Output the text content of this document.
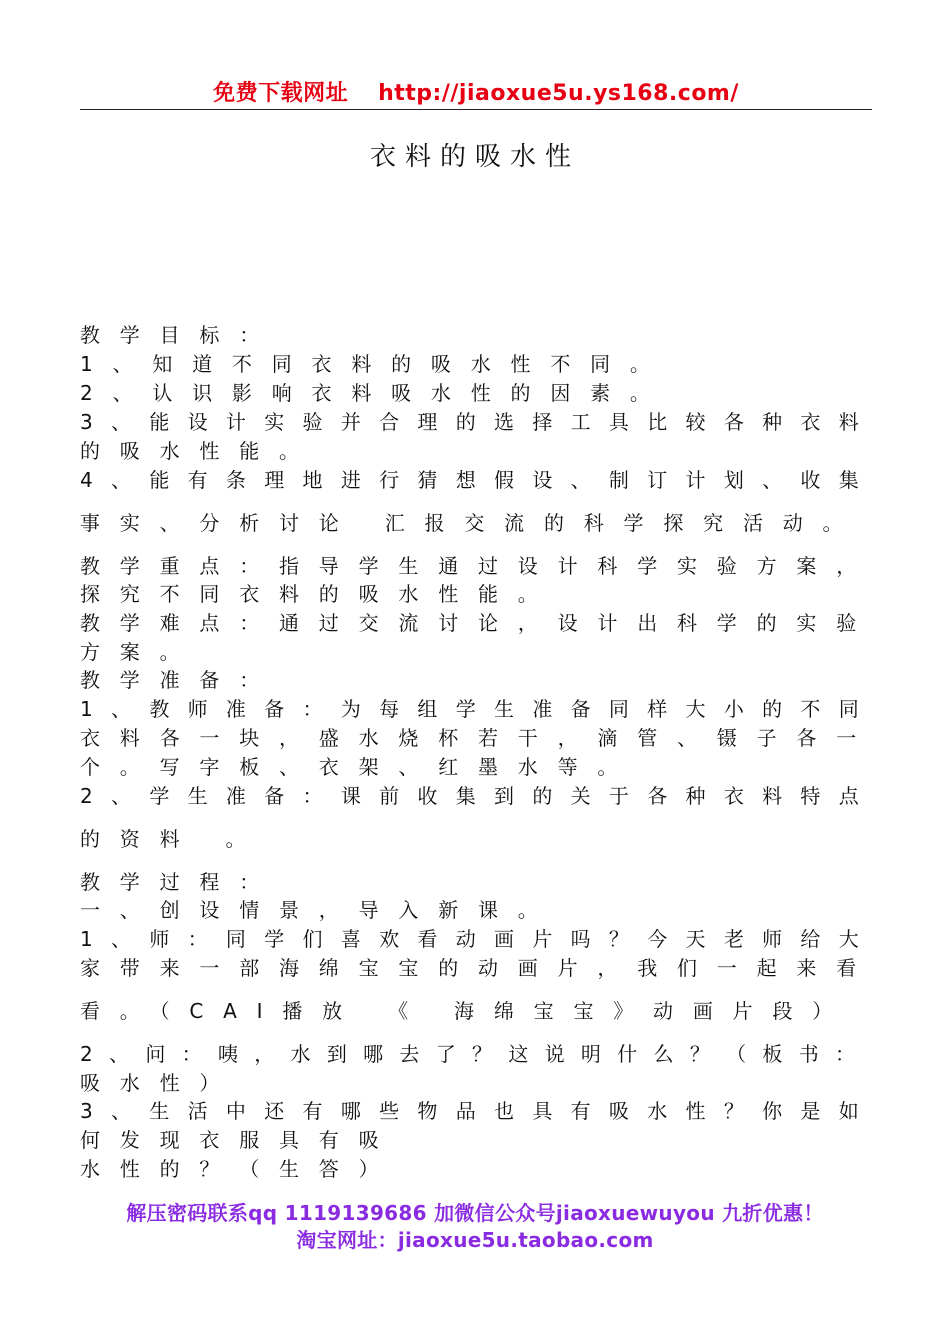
免费下载网址 http://jiaoxue5u.ys168.com/
衣料的吸水性
教学目标：
1、知道不同衣料的吸水性不同。
2、认识影响衣料吸水性的因素。
3、能设计实验并合理的选择工具比较各种衣料
的吸水性能。
4、能有条理地进行猜想假设、制订计划、收集
事实、分析讨论 汇报交流的科学探究活动。
教学重点：指导学生通过设计科学实验方案，
探究不同衣料的吸水性能。
教学难点：通过交流讨论，设计出科学的实验
方案。
教学准备：
1、教师准备：为每组学生准备同样大小的不同
衣料各一块，盛水烧杯若干，滴管、镊子各一
个。写字板、衣架、红墨水等。
2、学生准备：课前收集到的关于各种衣料特点
的资料 。
教学过程：
一、创设情景，导入新课。
1、师：同学们喜欢看动画片吗？今天老师给大
家带来一部海绵宝宝的动画片，我们一起来看
看。（CAI播放 《 海绵宝宝》动画片段）
2、问：咦，水到哪去了？这说明什么？（板书：
吸水性）
3、生活中还有哪些物品也具有吸水性？你是如
何发现衣服具有吸
水性的？（生答）
解压密码联系qq 1119139686 加微信公众号jiaoxuewuyou 九折优惠！
淘宝网址：jiaoxue5u.taobao.com
